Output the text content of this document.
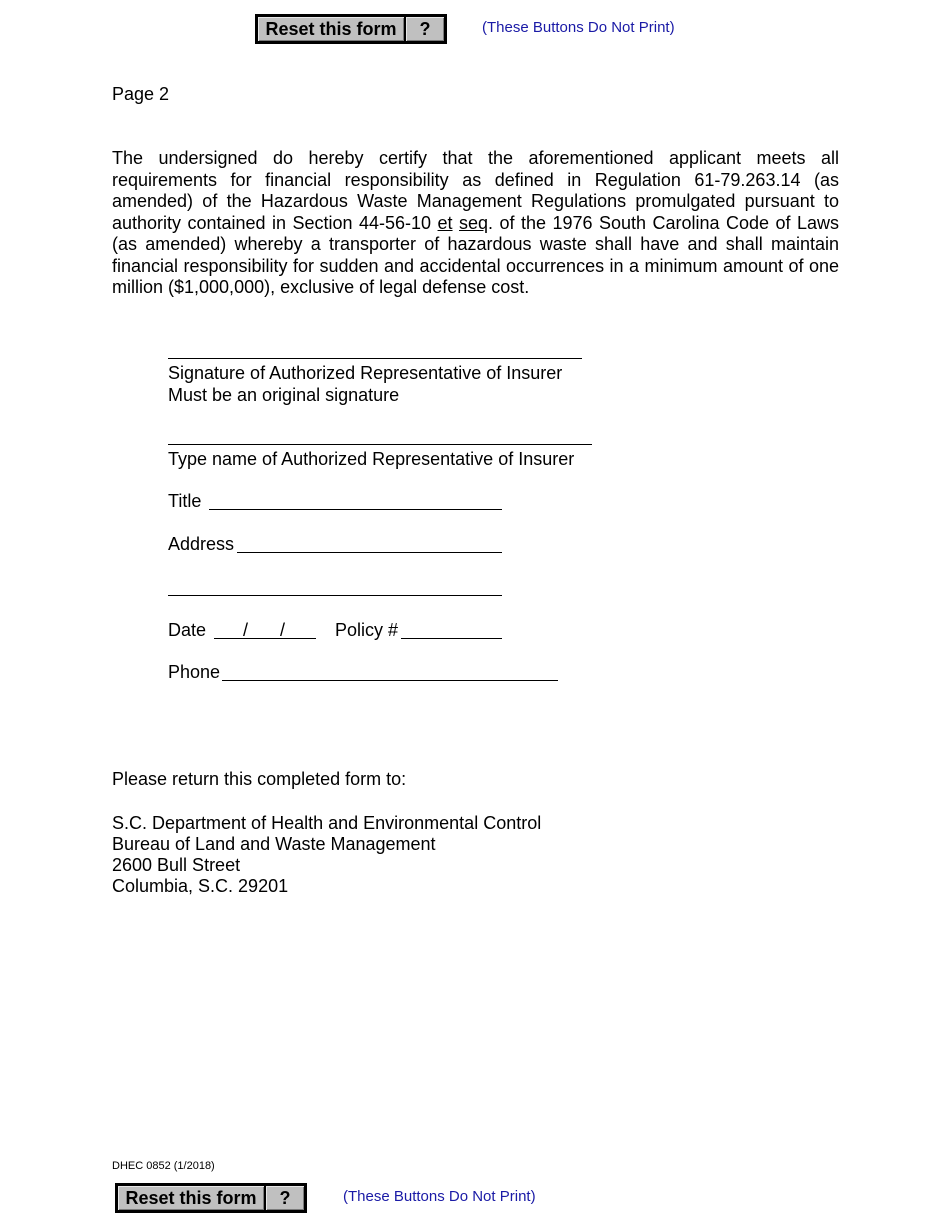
Reset this form	?	(These Buttons Do Not Print)
Page 2
The undersigned do hereby certify that the aforementioned applicant meets all requirements for financial responsibility as defined in Regulation 61-79.263.14 (as amended) of the Hazardous Waste Management Regulations promulgated pursuant to authority contained in Section 44-56-10 et seq. of the 1976 South Carolina Code of Laws (as amended) whereby a transporter of hazardous waste shall have and shall maintain financial responsibility for sudden and accidental occurrences in a minimum amount of one million ($1,000,000), exclusive of legal defense cost.
Signature of Authorized Representative of Insurer
Must be an original signature
Type name of Authorized Representative of Insurer
Title
Address
Date / /	Policy #
Phone
Please return this completed form to:
S.C. Department of Health and Environmental Control
Bureau of Land and Waste Management
2600 Bull Street
Columbia, S.C. 29201
DHEC 0852 (1/2018)
Reset this form	?	(These Buttons Do Not Print)
